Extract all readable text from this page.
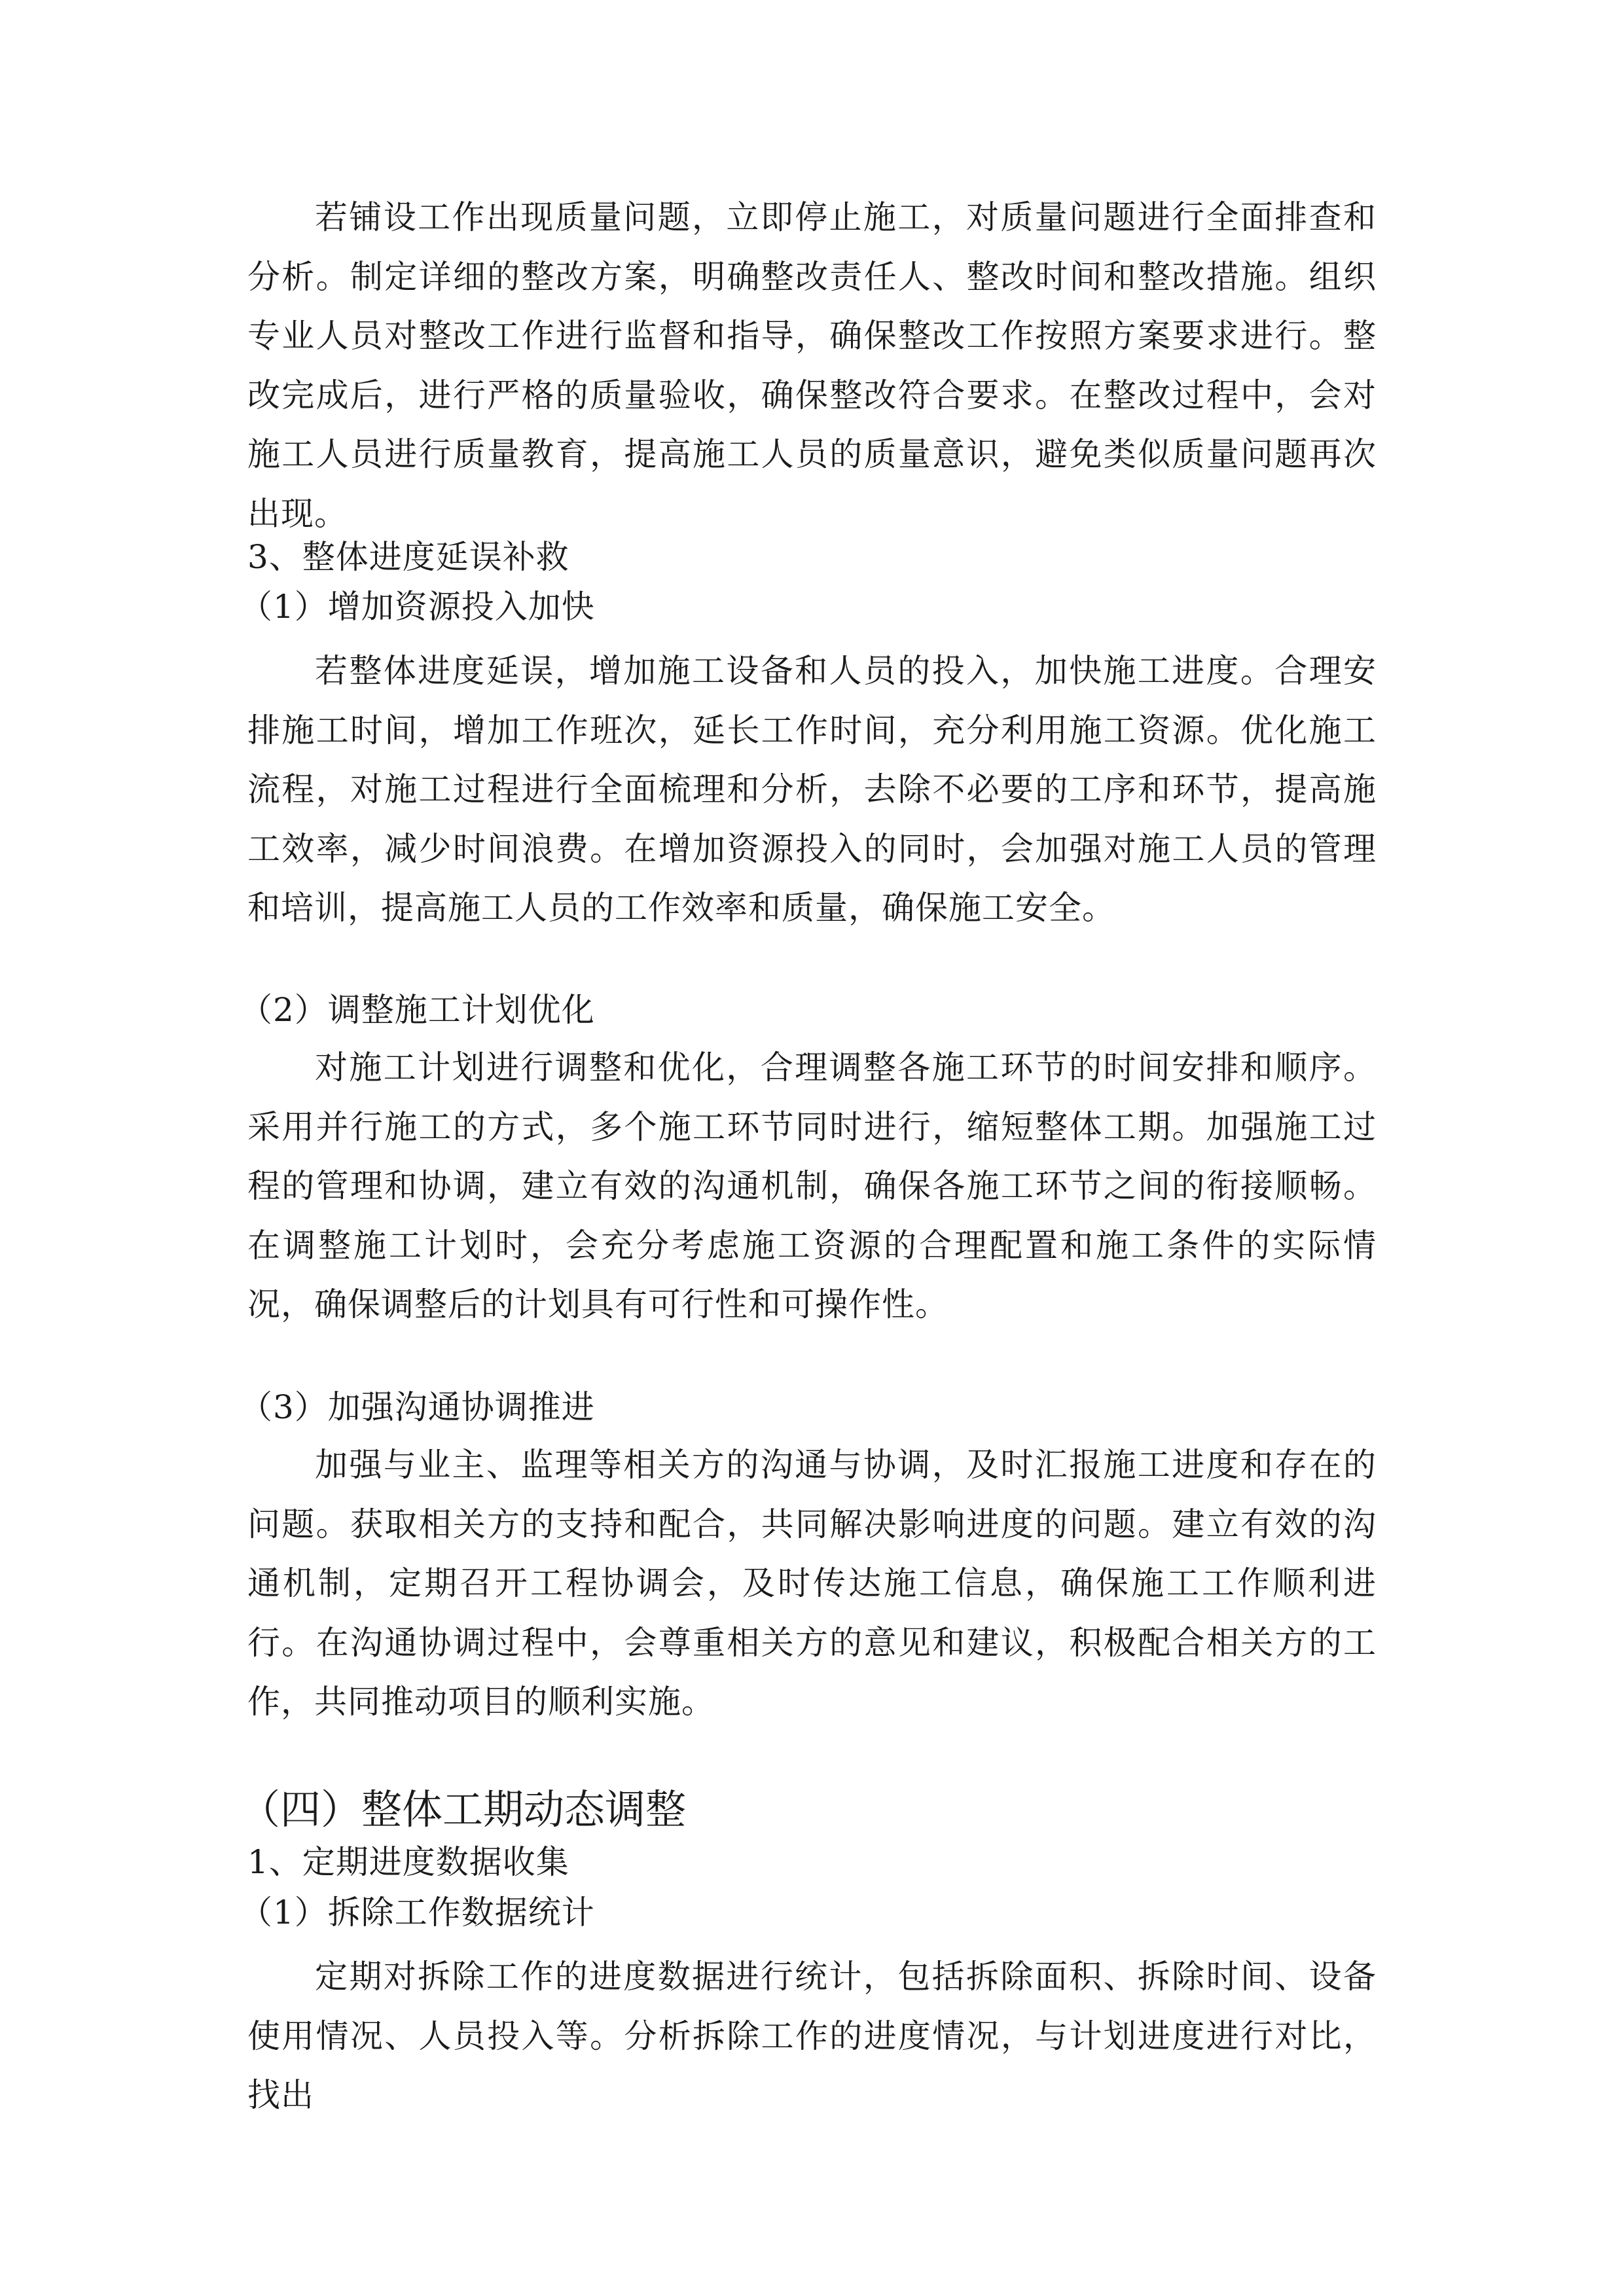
若铺设工作出现质量问题，立即停止施工，对质量问题进行全面排查和分析。制定详细的整改方案，明确整改责任人、整改时间和整改措施。组织专业人员对整改工作进行监督和指导，确保整改工作按照方案要求进行。整改完成后，进行严格的质量验收，确保整改符合要求。在整改过程中，会对施工人员进行质量教育，提高施工人员的质量意识，避免类似质量问题再次出现。

3、整体进度延误补救
（1）增加资源投入加快

若整体进度延误，增加施工设备和人员的投入，加快施工进度。合理安排施工时间，增加工作班次，延长工作时间，充分利用施工资源。优化施工流程，对施工过程进行全面梳理和分析，去除不必要的工序和环节，提高施工效率，减少时间浪费。在增加资源投入的同时，会加强对施工人员的管理和培训，提高施工人员的工作效率和质量，确保施工安全。

（2）调整施工计划优化

对施工计划进行调整和优化，合理调整各施工环节的时间安排和顺序。采用并行施工的方式，多个施工环节同时进行，缩短整体工期。加强施工过程的管理和协调，建立有效的沟通机制，确保各施工环节之间的衔接顺畅。在调整施工计划时，会充分考虑施工资源的合理配置和施工条件的实际情况，确保调整后的计划具有可行性和可操作性。

（3）加强沟通协调推进

加强与业主、监理等相关方的沟通与协调，及时汇报施工进度和存在的问题。获取相关方的支持和配合，共同解决影响进度的问题。建立有效的沟通机制，定期召开工程协调会，及时传达施工信息，确保施工工作顺利进行。在沟通协调过程中，会尊重相关方的意见和建议，积极配合相关方的工作，共同推动项目的顺利实施。

（四）整体工期动态调整
1、定期进度数据收集
（1）拆除工作数据统计

定期对拆除工作的进度数据进行统计，包括拆除面积、拆除时间、设备使用情况、人员投入等。分析拆除工作的进度情况，与计划进度进行对比，找出
